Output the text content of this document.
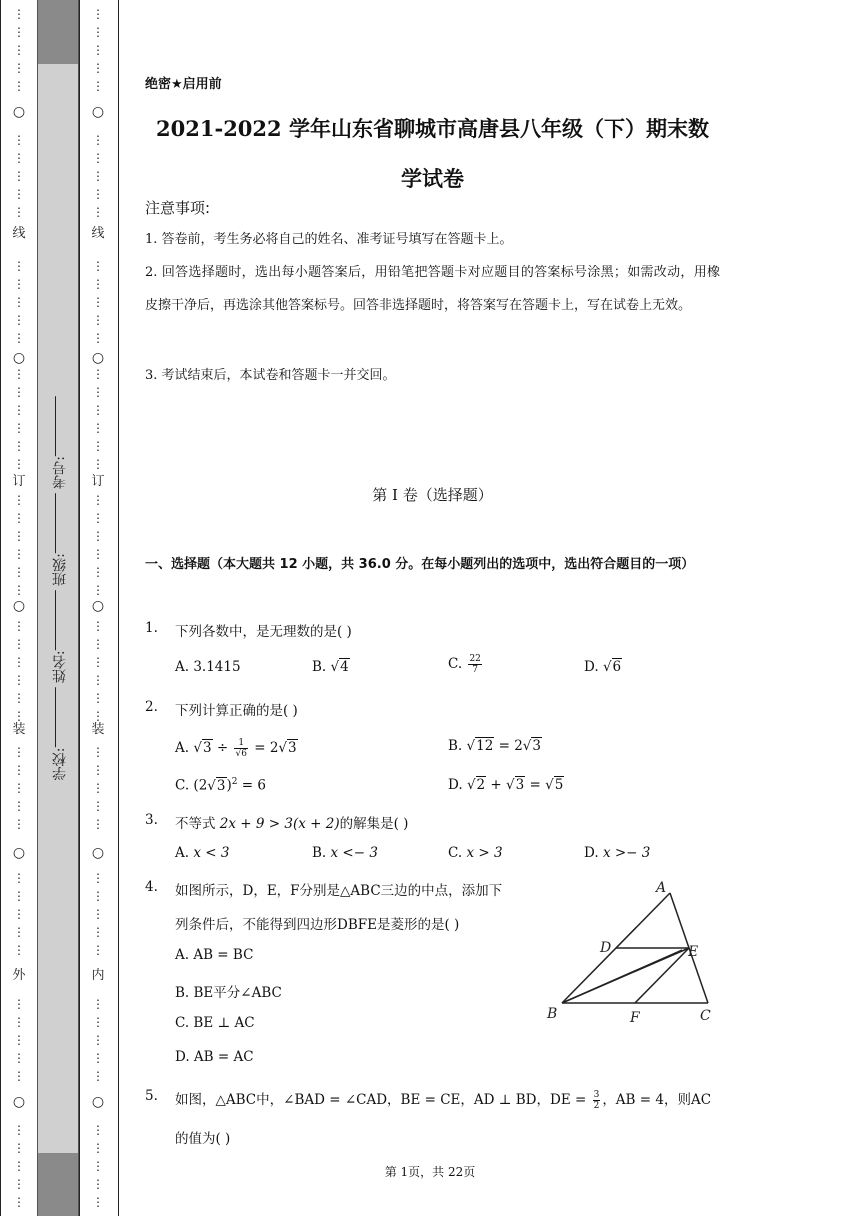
⋮
⋮
⋮
⋮
⋮
⋮
⋮
⋮
⋮
⋮
⋮
⋮
⋮
⋮
⋮
⋮
⋮
⋮
⋮
⋮
⋮
⋮
⋮
⋮
⋮
⋮
⋮
⋮
⋮
⋮
⋮
⋮
⋮
⋮
⋮
⋮
⋮
⋮
⋮
⋮
⋮
⋮
⋮
⋮
⋮
⋮
⋮
⋮
⋮
⋮
⋮
⋮
⋮
○
○
○
○
○
线
订
装
外
学校: 姓名: 班级: 考号:
⋮
⋮
⋮
⋮
⋮
⋮
⋮
⋮
⋮
⋮
⋮
⋮
⋮
⋮
⋮
⋮
⋮
⋮
⋮
⋮
⋮
⋮
⋮
⋮
⋮
⋮
⋮
⋮
⋮
⋮
⋮
⋮
⋮
⋮
⋮
⋮
⋮
⋮
⋮
⋮
⋮
⋮
⋮
⋮
⋮
⋮
⋮
⋮
⋮
⋮
⋮
⋮
⋮
○
○
○
○
○
线
订
装
内
绝密★启用前
2021-2022 学年山东省聊城市高唐县八年级（下）期末数
学试卷
注意事项:
1. 答卷前，考生务必将自己的姓名、准考证号填写在答题卡上。
2. 回答选择题时，选出每小题答案后，用铅笔把答题卡对应题目的答案标号涂黑；如需改动，用橡皮擦干净后，再选涂其他答案标号。回答非选择题时，将答案写在答题卡上，写在试卷上无效。
3. 考试结束后，本试卷和答题卡一并交回。
第 I 卷（选择题）
一、选择题（本大题共 12 小题，共 36.0 分。在每小题列出的选项中，选出符合题目的一项）
1. 下列各数中，是无理数的是( )
A. 3.1415	B. √4	C. $\frac{22}{7}$	D. √6
2. 下列计算正确的是( )
A. $√3 \div \frac{1}{√6} = 2√3$	B. √12 = 2√3
C. $(2√3)^2 = 6$	D. √2 + √3 = √5
3. 不等式 2x + 9 > 3(x + 2)的解集是( )
A. x < 3	B. x <− 3	C. x > 3	D. x >− 3
4. 如图所示，D，E，F分别是△ABC三边的中点，添加下
列条件后，不能得到四边形DBFE是菱形的是( )
A. AB = BC
B. BE平分∠ABC
C. BE ⊥ AC
D. AB = AC
A
D	E
B	F	C
5. 如图，△ABC中，∠BAD = ∠CAD，BE = CE，AD ⊥ BD，DE = $\frac{3}{2}$ ，AB = 4，则AC
的值为( )
第 1页，共 22页
